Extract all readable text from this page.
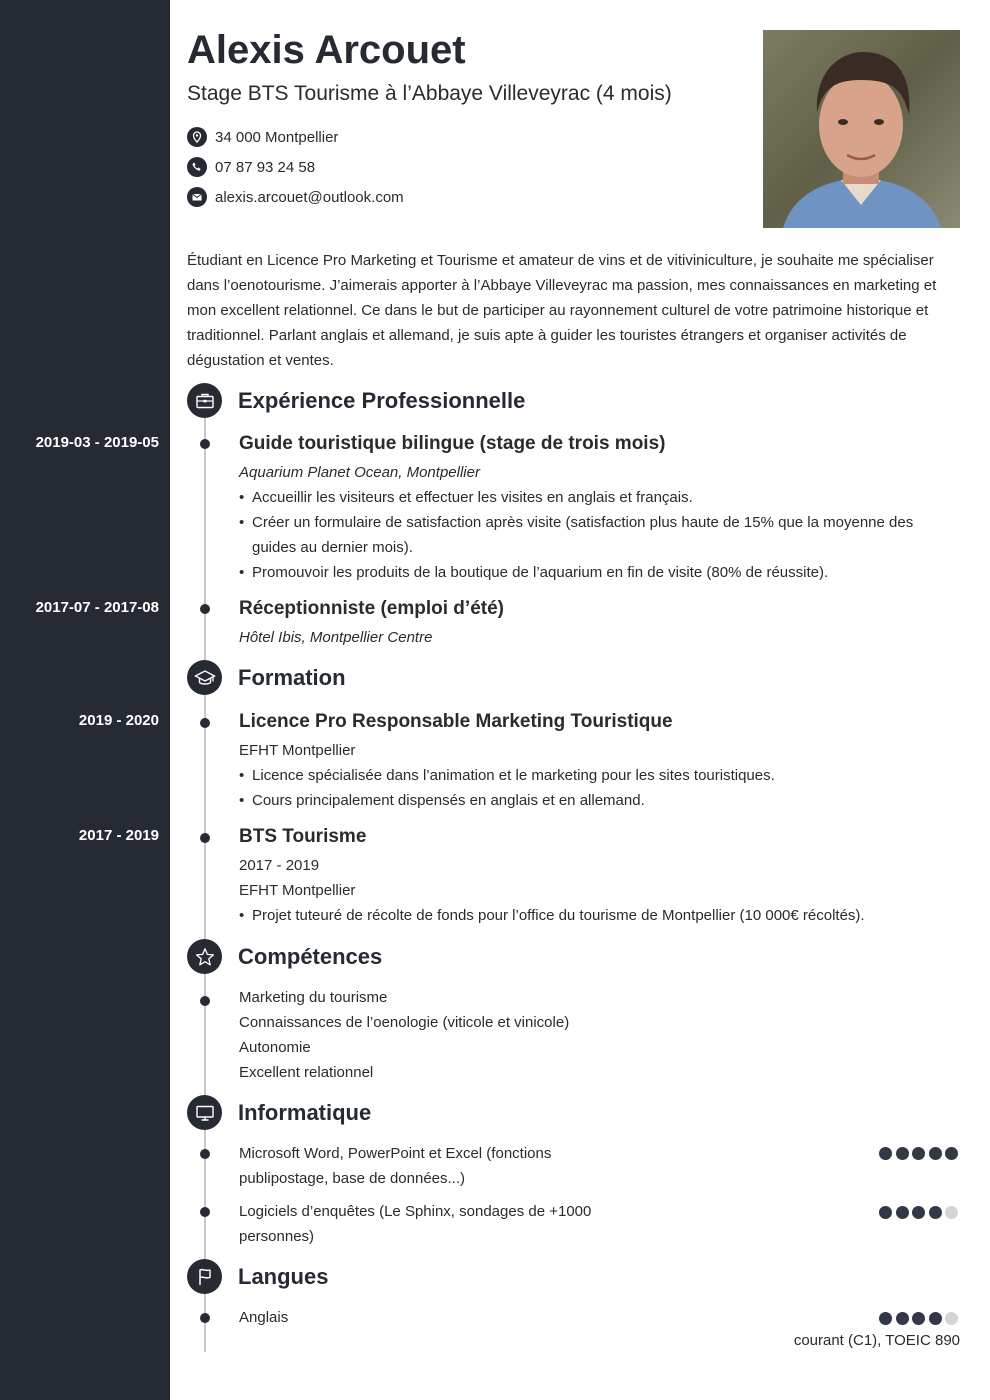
Alexis Arcouet
Stage BTS Tourisme à l’Abbaye Villeveyrac (4 mois)
34 000 Montpellier
07 87 93 24 58
alexis.arcouet@outlook.com
Étudiant en Licence Pro Marketing et Tourisme et amateur de vins et de vitiviniculture, je souhaite me spécialiser dans l’oenotourisme. J’aimerais apporter à l’Abbaye Villeveyrac ma passion, mes connaissances en marketing et mon excellent relationnel. Ce dans le but de participer au rayonnement culturel de votre patrimoine historique et traditionnel. Parlant anglais et allemand, je suis apte à guider les touristes étrangers et organiser activités de dégustation et ventes.
Expérience Professionnelle
2019-03 - 2019-05	Guide touristique bilingue (stage de trois mois)
Aquarium Planet Ocean, Montpellier
• Accueillir les visiteurs et effectuer les visites en anglais et français.
• Créer un formulaire de satisfaction après visite (satisfaction plus haute de 15% que la moyenne des guides au dernier mois).
• Promouvoir les produits de la boutique de l’aquarium en fin de visite (80% de réussite).
2017-07 - 2017-08	Réceptionniste (emploi d’été)
Hôtel Ibis, Montpellier Centre
Formation
2019 - 2020	Licence Pro Responsable Marketing Touristique
EFHT Montpellier
• Licence spécialisée dans l’animation et le marketing pour les sites touristiques.
• Cours principalement dispensés en anglais et en allemand.
2017 - 2019	BTS Tourisme
2017 - 2019
EFHT Montpellier
• Projet tuteuré de récolte de fonds pour l’office du tourisme de Montpellier (10 000€ récoltés).
Compétences
Marketing du tourisme
Connaissances de l’oenologie (viticole et vinicole)
Autonomie
Excellent relationnel
Informatique
Microsoft Word, PowerPoint et Excel (fonctions publipostage, base de données...)
Logiciels d’enquêtes (Le Sphinx, sondages de +1000 personnes)
Langues
Anglais
courant (C1), TOEIC 890
